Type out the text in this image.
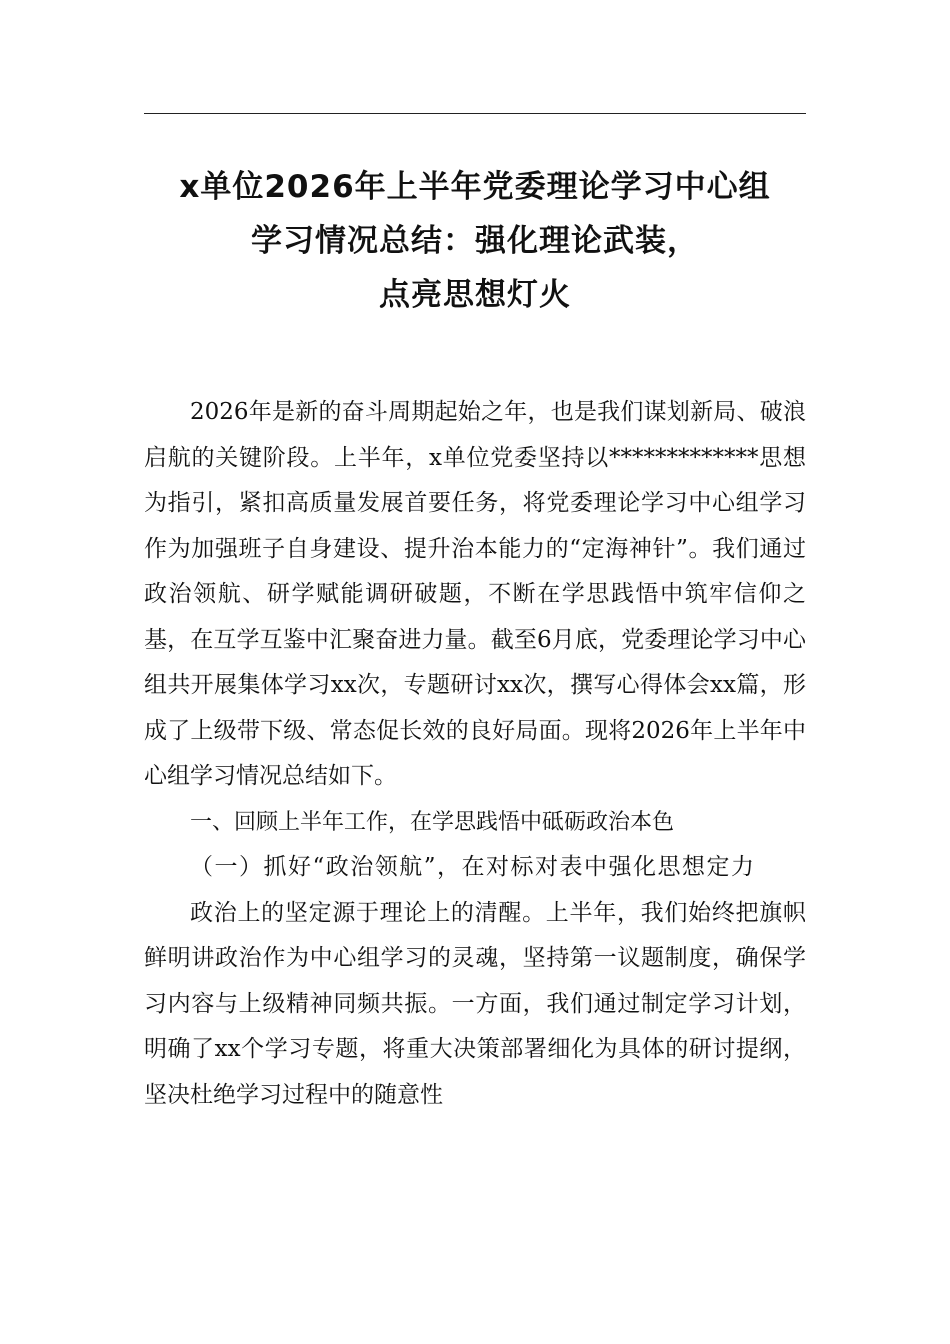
x单位2026年上半年党委理论学习中心组
学习情况总结：强化理论武装，
点亮思想灯火

2026年是新的奋斗周期起始之年，也是我们谋划新局、破浪启航的关键阶段。上半年，x单位党委坚持以*************思想为指引，紧扣高质量发展首要任务，将党委理论学习中心组学习作为加强班子自身建设、提升治本能力的“定海神针”。我们通过政治领航、研学赋能调研破题，不断在学思践悟中筑牢信仰之基，在互学互鉴中汇聚奋进力量。截至6月底，党委理论学习中心组共开展集体学习xx次，专题研讨xx次，撰写心得体会xx篇，形成了上级带下级、常态促长效的良好局面。现将2026年上半年中心组学习情况总结如下。

一、回顾上半年工作，在学思践悟中砥砺政治本色

（一）抓好“政治领航”，在对标对表中强化思想定力

政治上的坚定源于理论上的清醒。上半年，我们始终把旗帜鲜明讲政治作为中心组学习的灵魂，坚持第一议题制度，确保学习内容与上级精神同频共振。一方面，我们通过制定学习计划，明确了xx个学习专题，将重大决策部署细化为具体的研讨提纲，坚决杜绝学习过程中的随意性
